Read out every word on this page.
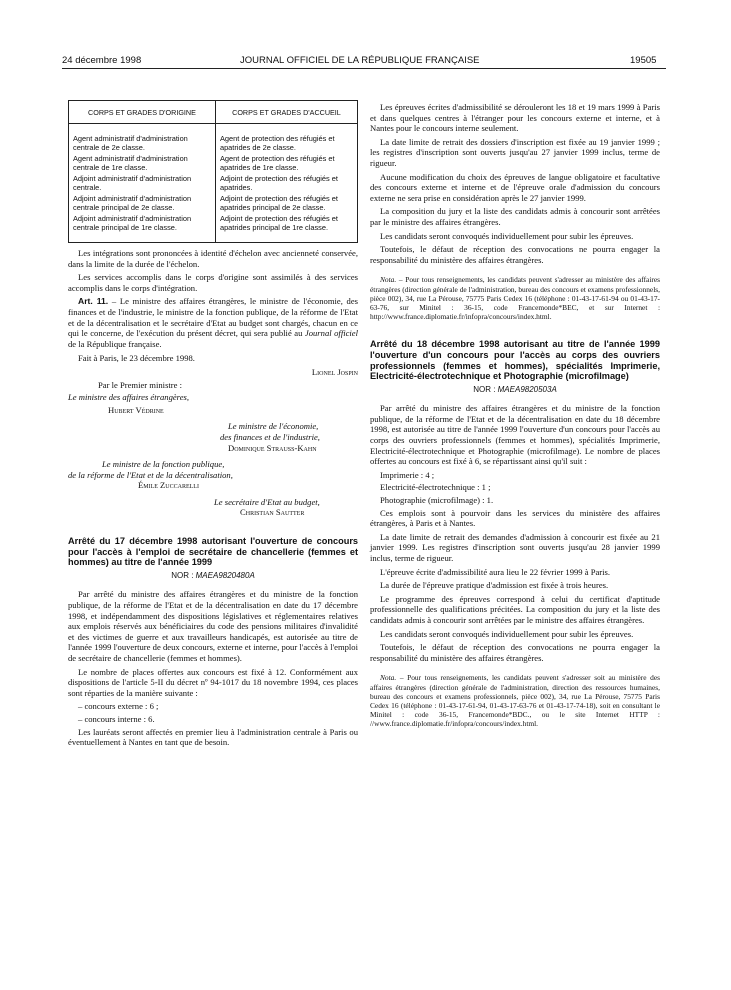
24 décembre 1998	JOURNAL OFFICIEL DE LA RÉPUBLIQUE FRANÇAISE	19505
CORPS ET GRADES D'ORIGINE	CORPS ET GRADES D'ACCUEIL
Agent administratif d'administration centrale de 2e classe.	Agent de protection des réfugiés et apatrides de 2e classe.
Agent administratif d'administration centrale de 1re classe.	Agent de protection des réfugiés et apatrides de 1re classe.
Adjoint administratif d'administration centrale.	Adjoint de protection des réfugiés et apatrides.
Adjoint administratif d'administration centrale principal de 2e classe.	Adjoint de protection des réfugiés et apatrides principal de 2e classe.
Adjoint administratif d'administration centrale principal de 1re classe.	Adjoint de protection des réfugiés et apatrides principal de 1re classe.

Les intégrations sont prononcées à identité d'échelon avec ancienneté conservée, dans la limite de la durée de l'échelon.

Les services accomplis dans le corps d'origine sont assimilés à des services accomplis dans le corps d'intégration.

Art. 11. – Le ministre des affaires étrangères, le ministre de l'économie, des finances et de l'industrie, le ministre de la fonction publique, de la réforme de l'Etat et de la décentralisation et le secrétaire d'Etat au budget sont chargés, chacun en ce qui le concerne, de l'exécution du présent décret, qui sera publié au Journal officiel de la République française.

Fait à Paris, le 23 décembre 1998.

Lionel Jospin
Par le Premier ministre :
Le ministre des affaires étrangères,
Hubert Védrine
Le ministre de l'économie,
des finances et de l'industrie,
Dominique Strauss-Kahn
Le ministre de la fonction publique,
de la réforme de l'Etat et de la décentralisation,
Émile Zuccarelli
Le secrétaire d'Etat au budget,
Christian Sautter
Arrêté du 17 décembre 1998 autorisant l'ouverture de concours pour l'accès à l'emploi de secrétaire de chancellerie (femmes et hommes) au titre de l'année 1999
NOR : MAEA9820480A

Par arrêté du ministre des affaires étrangères et du ministre de la fonction publique, de la réforme de l'Etat et de la décentralisation en date du 17 décembre 1998, et indépendamment des dispositions législatives et réglementaires relatives aux emplois réservés aux bénéficiaires du code des pensions militaires d'invalidité et des victimes de guerre et aux travailleurs handicapés, est autorisée au titre de l'année 1999 l'ouverture de deux concours, externe et interne, pour l'accès à l'emploi de secrétaire de chancellerie (femmes et hommes).

Le nombre de places offertes aux concours est fixé à 12. Conformément aux dispositions de l'article 5-II du décret nº 94-1017 du 18 novembre 1994, ces places sont réparties de la manière suivante :

– concours externe : 6 ;

– concours interne : 6.

Les lauréats seront affectés en premier lieu à l'administration centrale à Paris ou éventuellement à Nantes en tant que de besoin.

Les épreuves écrites d'admissibilité se dérouleront les 18 et 19 mars 1999 à Paris et dans quelques centres à l'étranger pour les concours externe et interne, et à Nantes pour le concours interne seulement.

La date limite de retrait des dossiers d'inscription est fixée au 19 janvier 1999 ; les registres d'inscription sont ouverts jusqu'au 27 janvier 1999 inclus, terme de rigueur.

Aucune modification du choix des épreuves de langue obligatoire et facultative des concours externe et interne et de l'épreuve orale d'admission du concours externe ne sera prise en considération après le 27 janvier 1999.

La composition du jury et la liste des candidats admis à concourir sont arrêtées par le ministre des affaires étrangères.

Les candidats seront convoqués individuellement pour subir les épreuves.

Toutefois, le défaut de réception des convocations ne pourra engager la responsabilité du ministère des affaires étrangères.

Nota. – Pour tous renseignements, les candidats peuvent s'adresser au ministère des affaires étrangères (direction générale de l'administration, bureau des concours et examens professionnels, pièce 002), 34, rue La Pérouse, 75775 Paris Cedex 16 (téléphone : 01-43-17-61-94 ou 01-43-17-63-76, sur Minitel : 36-15, code Francemonde*BEC, et sur Internet : http://www.france.diplomatie.fr/infopra/concours/index.html.

Arrêté du 18 décembre 1998 autorisant au titre de l'année 1999 l'ouverture d'un concours pour l'accès au corps des ouvriers professionnels (femmes et hommes), spécialités Imprimerie, Electricité-électrotechnique et Photographie (microfilmage)
NOR : MAEA9820503A

Par arrêté du ministre des affaires étrangères et du ministre de la fonction publique, de la réforme de l'Etat et de la décentralisation en date du 18 décembre 1998, est autorisée au titre de l'année 1999 l'ouverture d'un concours pour l'accès au corps des ouvriers professionnels (femmes et hommes), spécialités Imprimerie, Electricité-électrotechnique et Photographie (microfilmage). Le nombre de places offertes au concours est fixé à 6, se répartissant ainsi qu'il suit :

Imprimerie : 4 ;

Electricité-électrotechnique : 1 ;

Photographie (microfilmage) : 1.

Ces emplois sont à pourvoir dans les services du ministère des affaires étrangères, à Paris et à Nantes.

La date limite de retrait des demandes d'admission à concourir est fixée au 21 janvier 1999. Les registres d'inscription sont ouverts jusqu'au 28 janvier 1999 inclus, terme de rigueur.

L'épreuve écrite d'admissibilité aura lieu le 22 février 1999 à Paris.

La durée de l'épreuve pratique d'admission est fixée à trois heures.

Le programme des épreuves correspond à celui du certificat d'aptitude professionnelle des qualifications précitées. La composition du jury et la liste des candidats admis à concourir sont arrêtées par le ministre des affaires étrangères.

Les candidats seront convoqués individuellement pour subir les épreuves.

Toutefois, le défaut de réception des convocations ne pourra engager la responsabilité du ministère des affaires étrangères.

Nota. – Pour tous renseignements, les candidats peuvent s'adresser soit au ministère des affaires étrangères (direction générale de l'administration, direction des ressources humaines, bureau des concours et examens professionnels, pièce 002), 34, rue La Pérouse, 75775 Paris Cedex 16 (téléphone : 01-43-17-61-94, 01-43-17-63-76 et 01-43-17-74-18), soit en consultant le Minitel : code 36-15, Francemonde*BDC., ou le site Internet HTTP : //www.france.diplomatie.fr/infopra/concours/index.html.
